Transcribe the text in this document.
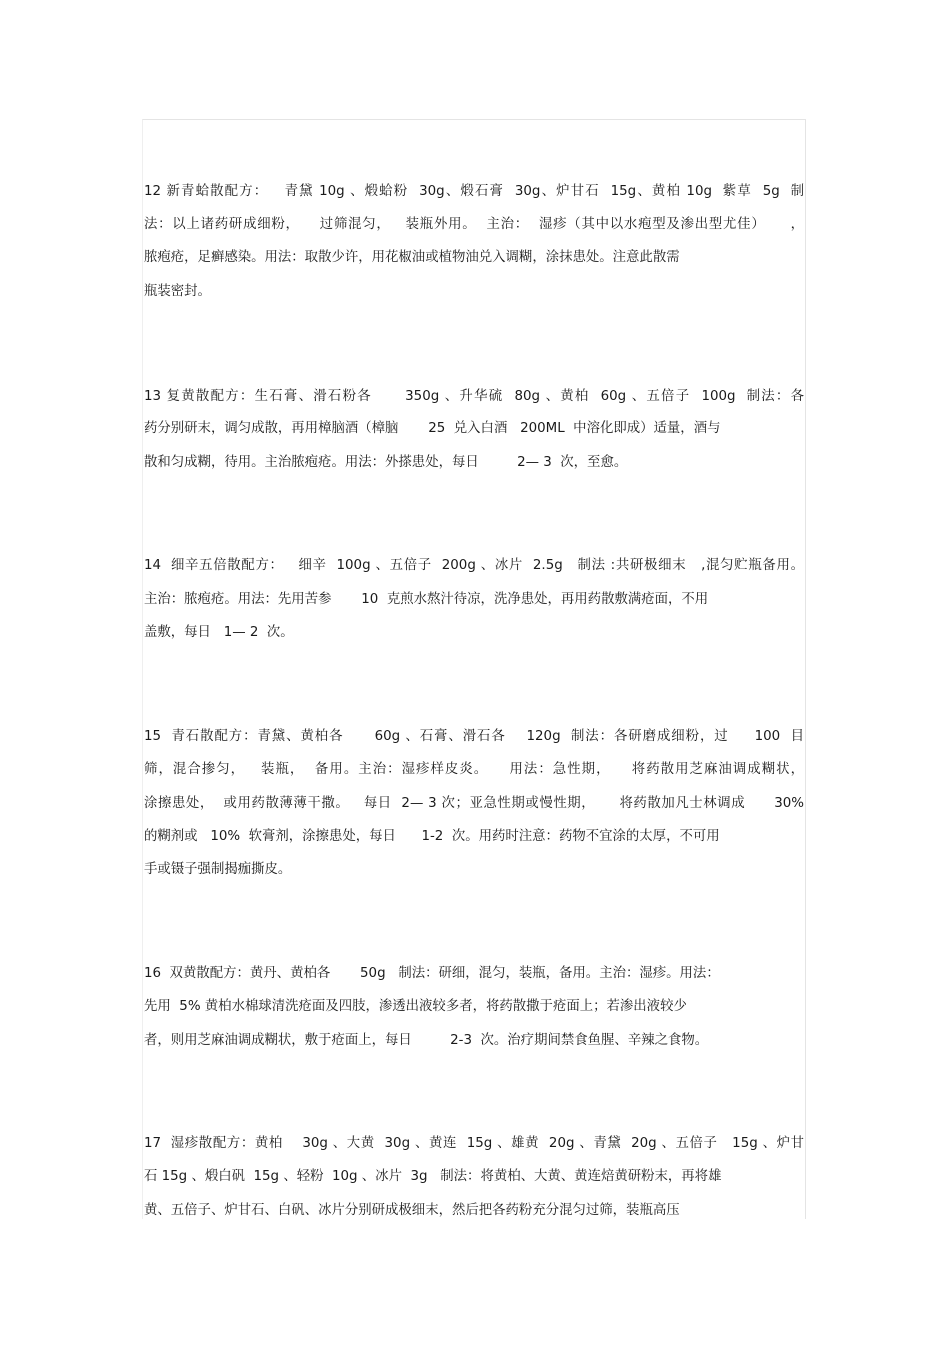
12 新青蛤散配方：   青黛 10g 、煅蛤粉  30g、煅石膏  30g、炉甘石  15g、黄柏 10g  紫草  5g  制
法：以上诸药研成细粉，    过筛混匀，   装瓶外用。  主治：  湿疹（其中以水疱型及渗出型尤佳）     ，
脓疱疮，足癣感染。用法：取散少许，用花椒油或植物油兑入调糊，涂抹患处。注意此散需
瓶装密封。
13 复黄散配方：生石膏、滑石粉各      350g 、升华硫  80g 、黄柏  60g 、五倍子  100g  制法：各
药分别研末，调匀成散，再用樟脑酒（樟脑       25  兑入白酒   200ML  中溶化即成）适量，酒与
散和匀成糊，待用。主治脓疱疮。用法：外搽患处，每日         2— 3  次，至愈。
14  细辛五倍散配方：   细辛  100g 、五倍子  200g 、冰片  2.5g   制法 :共研极细末   ,混匀贮瓶备用。
主治：脓疱疮。用法：先用苦参       10  克煎水熬汁待凉，洗净患处，再用药散敷满疮面，不用
盖敷，每日   1— 2  次。
15  青石散配方：青黛、黄柏各      60g 、石膏、滑石各    120g  制法：各研磨成细粉，过     100  目
筛，混合掺匀，   装瓶，  备用。主治：湿疹样皮炎。    用法：急性期，    将药散用芝麻油调成糊状，
涂擦患处，  或用药散薄薄干撒。   每日  2— 3 次；亚急性期或慢性期，     将药散加凡士林调成      30%
的糊剂或   10%  软膏剂，涂擦患处，每日      1-2  次。用药时注意：药物不宜涂的太厚，不可用
手或镊子强制揭痂撕皮。
16  双黄散配方：黄丹、黄柏各       50g   制法：研细，混匀，装瓶，备用。主治：湿疹。用法：
先用  5% 黄柏水棉球清洗疮面及四肢，渗透出液较多者，将药散撒于疮面上；若渗出液较少
者，则用芝麻油调成糊状，敷于疮面上，每日         2-3  次。治疗期间禁食鱼腥、辛辣之食物。
17  湿疹散配方：黄柏    30g 、大黄  30g 、黄连  15g 、雄黄  20g 、青黛  20g 、五倍子   15g 、炉甘
石 15g 、煅白矾  15g 、轻粉  10g 、冰片  3g   制法：将黄柏、大黄、黄连焙黄研粉末，再将雄
黄、五倍子、炉甘石、白矾、冰片分别研成极细末，然后把各药粉充分混匀过筛，装瓶高压
